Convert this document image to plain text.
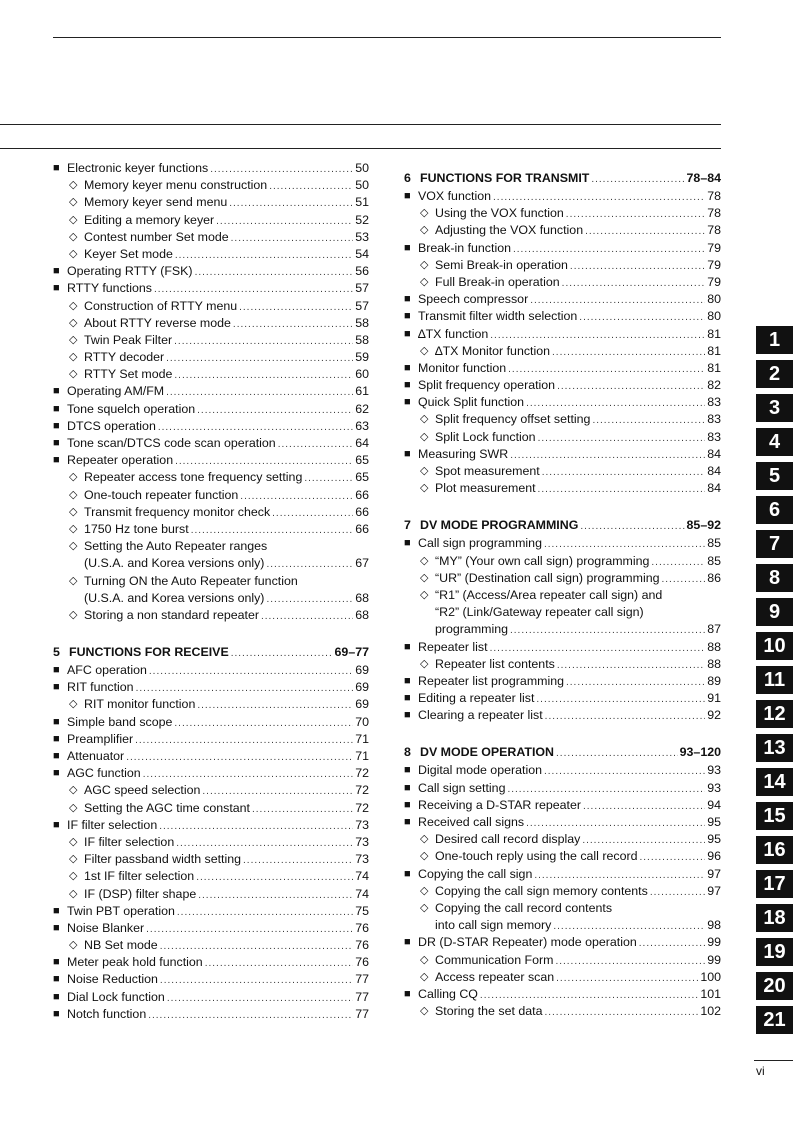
■ Electronic keyer functions .....	50
◇ Memory keyer menu construction .....	50
◇ Memory keyer send menu .....	51
◇ Editing a memory keyer .....	52
◇ Contest number Set mode .....	53
◇ Keyer Set mode .....	54
■ Operating RTTY (FSK) .....	56
■ RTTY functions .....	57
◇ Construction of RTTY menu .....	57
◇ About RTTY reverse mode .....	58
◇ Twin Peak Filter .....	58
◇ RTTY decoder .....	59
◇ RTTY Set mode .....	60
■ Operating AM/FM .....	61
■ Tone squelch operation .....	62
■ DTCS operation .....	63
■ Tone scan/DTCS code scan operation .....	64
■ Repeater operation .....	65
◇ Repeater access tone frequency setting .....	65
◇ One-touch repeater function .....	66
◇ Transmit frequency monitor check .....	66
◇ 1750 Hz tone burst .....	66
◇ Setting the Auto Repeater ranges
(U.S.A. and Korea versions only) .....	67
◇ Turning ON the Auto Repeater function
(U.S.A. and Korea versions only) .....	68
◇ Storing a non standard repeater .....	68
5 FUNCTIONS FOR RECEIVE .....	69–77
■ AFC operation .....	69
■ RIT function .....	69
◇ RIT monitor function .....	69
■ Simple band scope .....	70
■ Preamplifier .....	71
■ Attenuator .....	71
■ AGC function .....	72
◇ AGC speed selection .....	72
◇ Setting the AGC time constant .....	72
■ IF filter selection .....	73
◇ IF filter selection .....	73
◇ Filter passband width setting .....	73
◇ 1st IF filter selection .....	74
◇ IF (DSP) filter shape .....	74
■ Twin PBT operation .....	75
■ Noise Blanker .....	76
◇ NB Set mode .....	76
■ Meter peak hold function .....	76
■ Noise Reduction .....	77
■ Dial Lock function .....	77
■ Notch function .....	77
6 FUNCTIONS FOR TRANSMIT .....	78–84
■ VOX function .....	78
◇ Using the VOX function .....	78
◇ Adjusting the VOX function .....	78
■ Break-in function .....	79
◇ Semi Break-in operation .....	79
◇ Full Break-in operation .....	79
■ Speech compressor .....	80
■ Transmit filter width selection .....	80
■ ∆TX function .....	81
◇ ∆TX Monitor function .....	81
■ Monitor function .....	81
■ Split frequency operation .....	82
■ Quick Split function .....	83
◇ Split frequency offset setting .....	83
◇ Split Lock function .....	83
■ Measuring SWR .....	84
◇ Spot measurement .....	84
◇ Plot measurement .....	84
7 DV MODE PROGRAMMING .....	85–92
■ Call sign programming .....	85
◇ “MY” (Your own call sign) programming .....	85
◇ “UR” (Destination call sign) programming .....	86
◇ “R1” (Access/Area repeater call sign) and
“R2” (Link/Gateway repeater call sign)
programming .....	87
■ Repeater list .....	88
◇ Repeater list contents .....	88
■ Repeater list programming .....	89
■ Editing a repeater list .....	91
■ Clearing a repeater list .....	92
8 DV MODE OPERATION .....	93–120
■ Digital mode operation .....	93
■ Call sign setting .....	93
■ Receiving a D-STAR repeater .....	94
■ Received call signs .....	95
◇ Desired call record display .....	95
◇ One-touch reply using the call record .....	96
■ Copying the call sign .....	97
◇ Copying the call sign memory contents .....	97
◇ Copying the call record contents
into call sign memory .....	98
■ DR (D-STAR Repeater) mode operation .....	99
◇ Communication Form .....	99
◇ Access repeater scan .....	100
■ Calling CQ .....	101
◇ Storing the set data .....	102
1
2
3
4
5
6
7
8
9
10
11
12
13
14
15
16
17
18
19
20
21
vi
